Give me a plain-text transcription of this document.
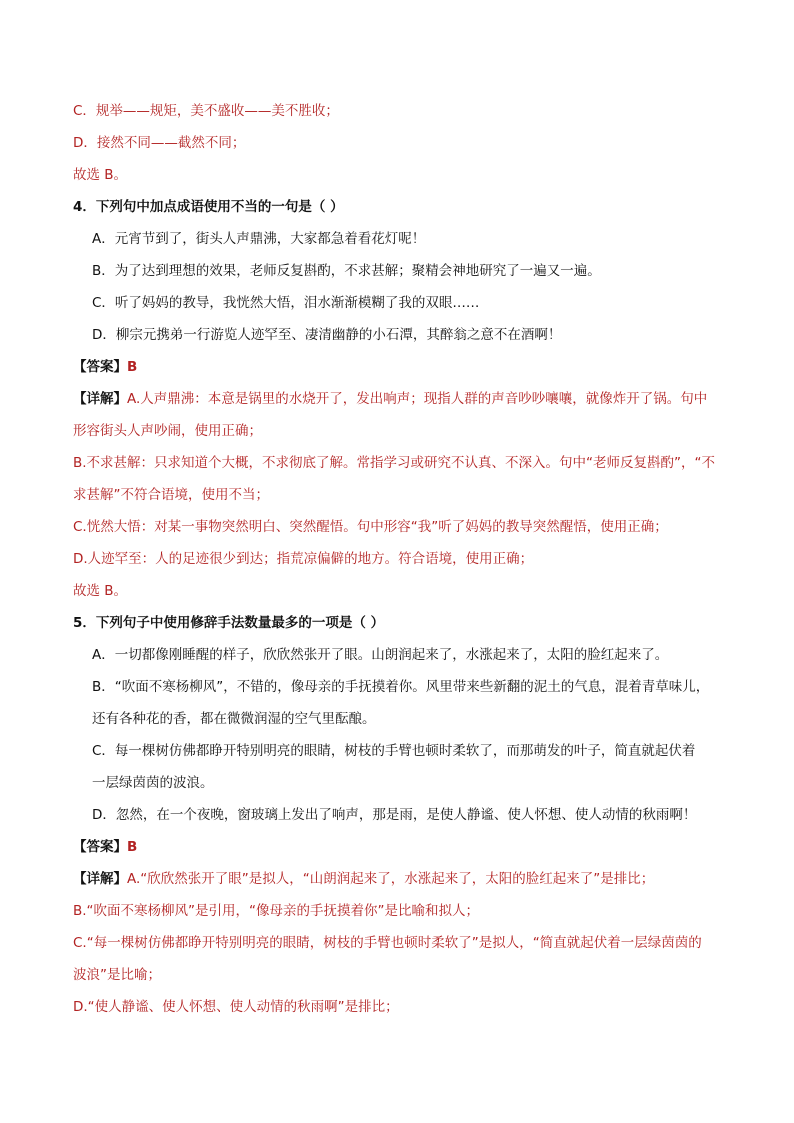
C．规举——规矩，美不盛收——美不胜收；
D．接然不同——截然不同；
故选 B。
4．下列句中加点成语使用不当的一句是（ ）
A．元宵节到了，街头人声鼎沸，大家都急着看花灯呢！
B．为了达到理想的效果，老师反复斟酌，不求甚解；聚精会神地研究了一遍又一遍。
C．听了妈妈的教导，我恍然大悟，泪水渐渐模糊了我的双眼……
D．柳宗元携弟一行游览人迹罕至、凄清幽静的小石潭，其醉翁之意不在酒啊！
【答案】B
【详解】A.人声鼎沸：本意是锅里的水烧开了，发出响声；现指人群的声音吵吵嚷嚷，就像炸开了锅。句中
形容街头人声吵闹，使用正确；
B.不求甚解：只求知道个大概，不求彻底了解。常指学习或研究不认真、不深入。句中“老师反复斟酌”，“不
求甚解”不符合语境，使用不当；
C.恍然大悟：对某一事物突然明白、突然醒悟。句中形容“我”听了妈妈的教导突然醒悟，使用正确；
D.人迹罕至：人的足迹很少到达；指荒凉偏僻的地方。符合语境，使用正确；
故选 B。
5．下列句子中使用修辞手法数量最多的一项是（ ）
A．一切都像刚睡醒的样子，欣欣然张开了眼。山朗润起来了，水涨起来了，太阳的脸红起来了。
B．“吹面不寒杨柳风”，不错的，像母亲的手抚摸着你。风里带来些新翻的泥土的气息，混着青草味儿，
还有各种花的香，都在微微润湿的空气里酝酿。
C．每一棵树仿佛都睁开特别明亮的眼睛，树枝的手臂也顿时柔软了，而那萌发的叶子，简直就起伏着
一层绿茵茵的波浪。
D．忽然，在一个夜晚，窗玻璃上发出了响声，那是雨，是使人静谧、使人怀想、使人动情的秋雨啊！
【答案】B
【详解】A.“欣欣然张开了眼”是拟人，“山朗润起来了，水涨起来了，太阳的脸红起来了”是排比；
B.“吹面不寒杨柳风”是引用，“像母亲的手抚摸着你”是比喻和拟人；
C.“每一棵树仿佛都睁开特别明亮的眼睛，树枝的手臂也顿时柔软了”是拟人，“简直就起伏着一层绿茵茵的
波浪”是比喻；
D.“使人静谧、使人怀想、使人动情的秋雨啊”是排比；
